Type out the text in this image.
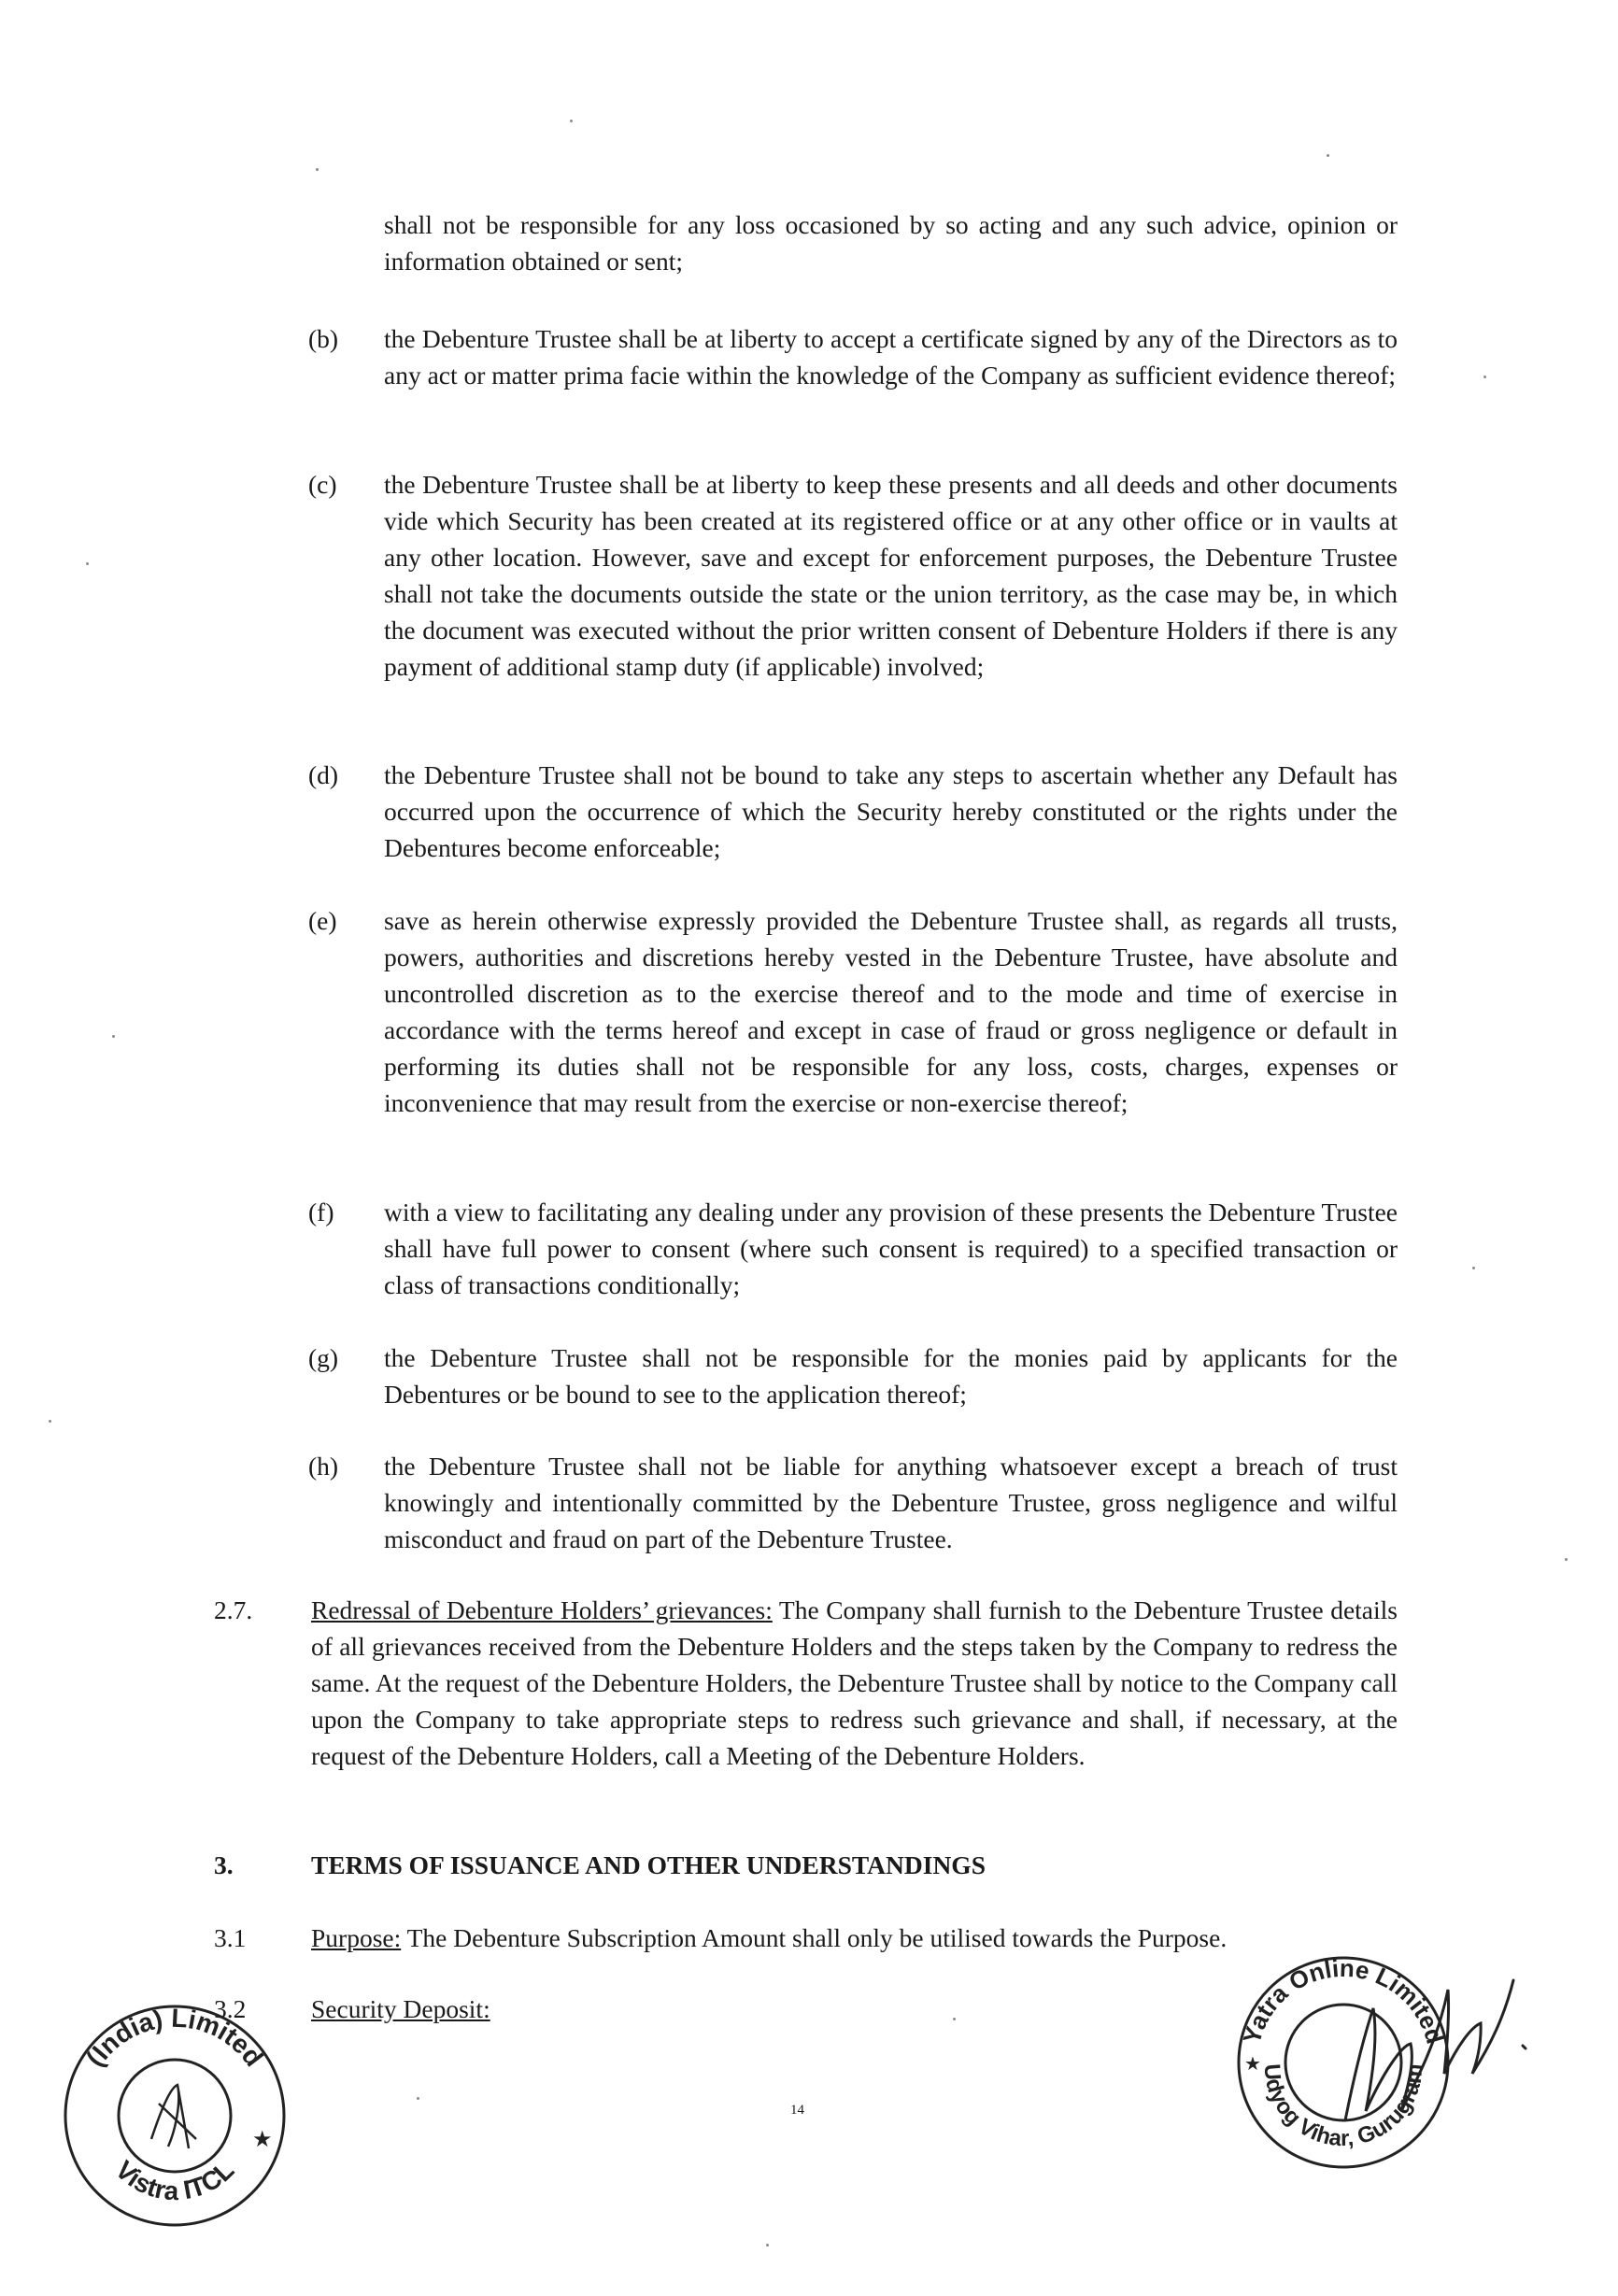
shall not be responsible for any loss occasioned by so acting and any such advice, opinion or information obtained or sent;
(b)	the Debenture Trustee shall be at liberty to accept a certificate signed by any of the Directors as to any act or matter prima facie within the knowledge of the Company as sufficient evidence thereof;
(c)	the Debenture Trustee shall be at liberty to keep these presents and all deeds and other documents vide which Security has been created at its registered office or at any other office or in vaults at any other location. However, save and except for enforcement purposes, the Debenture Trustee shall not take the documents outside the state or the union territory, as the case may be, in which the document was executed without the prior written consent of Debenture Holders if there is any payment of additional stamp duty (if applicable) involved;
(d)	the Debenture Trustee shall not be bound to take any steps to ascertain whether any Default has occurred upon the occurrence of which the Security hereby constituted or the rights under the Debentures become enforceable;
(e)	save as herein otherwise expressly provided the Debenture Trustee shall, as regards all trusts, powers, authorities and discretions hereby vested in the Debenture Trustee, have absolute and uncontrolled discretion as to the exercise thereof and to the mode and time of exercise in accordance with the terms hereof and except in case of fraud or gross negligence or default in performing its duties shall not be responsible for any loss, costs, charges, expenses or inconvenience that may result from the exercise or non-exercise thereof;
(f)	with a view to facilitating any dealing under any provision of these presents the Debenture Trustee shall have full power to consent (where such consent is required) to a specified transaction or class of transactions conditionally;
(g)	the Debenture Trustee shall not be responsible for the monies paid by applicants for the Debentures or be bound to see to the application thereof;
(h)	the Debenture Trustee shall not be liable for anything whatsoever except a breach of trust knowingly and intentionally committed by the Debenture Trustee, gross negligence and wilful misconduct and fraud on part of the Debenture Trustee.
2.7.	Redressal of Debenture Holders’ grievances: The Company shall furnish to the Debenture Trustee details of all grievances received from the Debenture Holders and the steps taken by the Company to redress the same. At the request of the Debenture Holders, the Debenture Trustee shall by notice to the Company call upon the Company to take appropriate steps to redress such grievance and shall, if necessary, at the request of the Debenture Holders, call a Meeting of the Debenture Holders.
3.	TERMS OF ISSUANCE AND OTHER UNDERSTANDINGS
3.1	Purpose: The Debenture Subscription Amount shall only be utilised towards the Purpose.
3.2	Security Deposit:
14
(India) Limited
Vistra ITCL
★
Yatra Online Limited
Udyog Vihar, Gurugram
★
